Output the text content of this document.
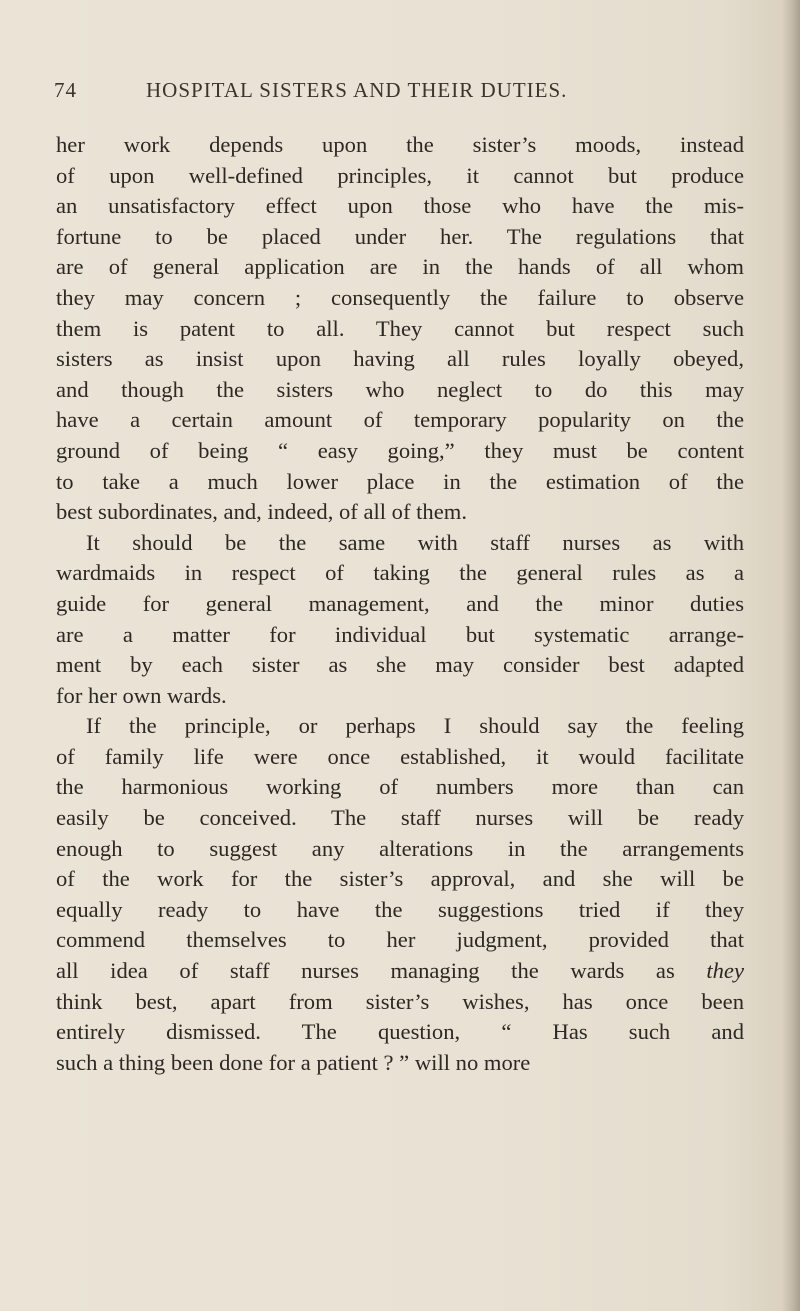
74	HOSPITAL SISTERS AND THEIR DUTIES.
her work depends upon the sister’s moods, instead
of upon well-defined principles, it cannot but produce
an unsatisfactory effect upon those who have the mis-
fortune to be placed under her. The regulations that
are of general application are in the hands of all whom
they may concern ; consequently the failure to observe
them is patent to all. They cannot but respect such
sisters as insist upon having all rules loyally obeyed,
and though the sisters who neglect to do this may
have a certain amount of temporary popularity on the
ground of being “ easy going,” they must be content
to take a much lower place in the estimation of the
best subordinates, and, indeed, of all of them.
It should be the same with staff nurses as with
wardmaids in respect of taking the general rules as a
guide for general management, and the minor duties
are a matter for individual but systematic arrange-
ment by each sister as she may consider best adapted
for her own wards.
If the principle, or perhaps I should say the feeling
of family life were once established, it would facilitate
the harmonious working of numbers more than can
easily be conceived. The staff nurses will be ready
enough to suggest any alterations in the arrangements
of the work for the sister’s approval, and she will be
equally ready to have the suggestions tried if they
commend themselves to her judgment, provided that
all idea of staff nurses managing the wards as they
think best, apart from sister’s wishes, has once been
entirely dismissed. The question, “ Has such and
such a thing been done for a patient ? ” will no more
